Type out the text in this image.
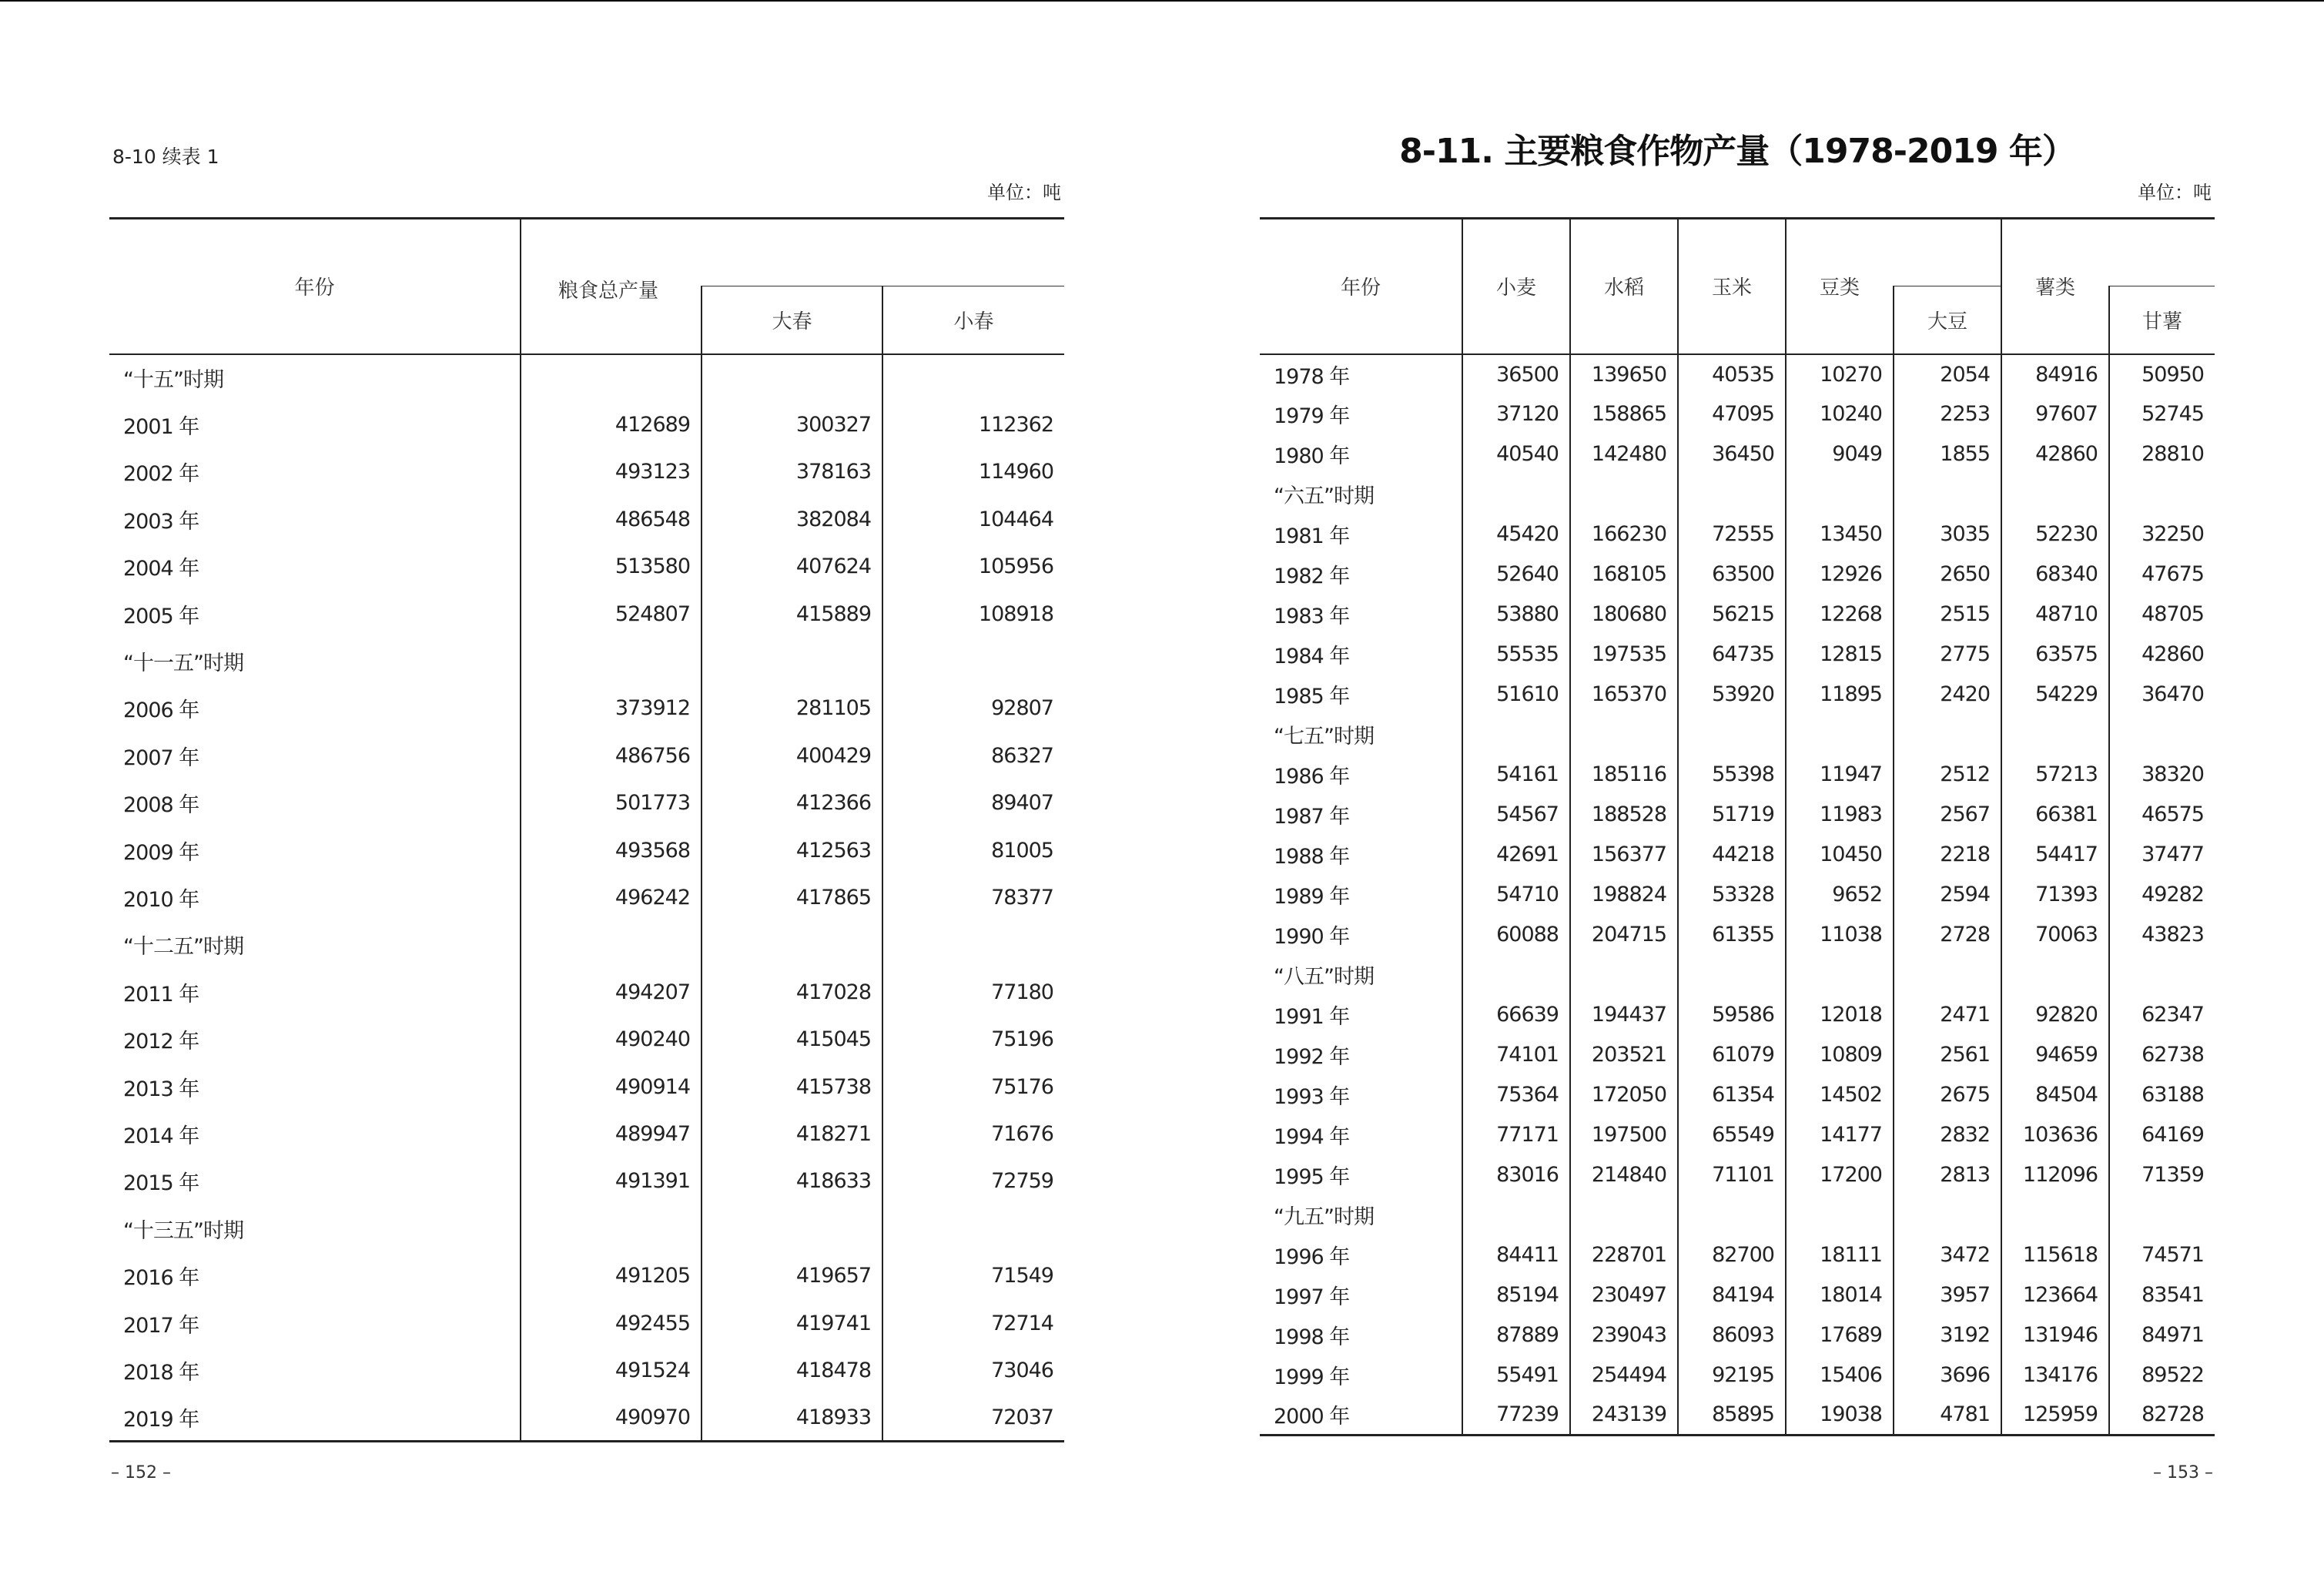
8-10 续表 1
单位：吨
年份	粮食总产量		
		大春	小春
“十五”时期			
2001 年	412689	300327	112362
2002 年	493123	378163	114960
2003 年	486548	382084	104464
2004 年	513580	407624	105956
2005 年	524807	415889	108918
“十一五”时期			
2006 年	373912	281105	92807
2007 年	486756	400429	86327
2008 年	501773	412366	89407
2009 年	493568	412563	81005
2010 年	496242	417865	78377
“十二五”时期			
2011 年	494207	417028	77180
2012 年	490240	415045	75196
2013 年	490914	415738	75176
2014 年	489947	418271	71676
2015 年	491391	418633	72759
“十三五”时期			
2016 年	491205	419657	71549
2017 年	492455	419741	72714
2018 年	491524	418478	73046
2019 年	490970	418933	72037
– 152 –
8-11. 主要粮食作物产量（1978-2019 年）
单位：吨
年份	小麦	水稻	玉米	豆类		薯类	
					大豆		甘薯
1978 年	36500	139650	40535	10270	2054	84916	50950
1979 年	37120	158865	47095	10240	2253	97607	52745
1980 年	40540	142480	36450	9049	1855	42860	28810
“六五”时期							
1981 年	45420	166230	72555	13450	3035	52230	32250
1982 年	52640	168105	63500	12926	2650	68340	47675
1983 年	53880	180680	56215	12268	2515	48710	48705
1984 年	55535	197535	64735	12815	2775	63575	42860
1985 年	51610	165370	53920	11895	2420	54229	36470
“七五”时期							
1986 年	54161	185116	55398	11947	2512	57213	38320
1987 年	54567	188528	51719	11983	2567	66381	46575
1988 年	42691	156377	44218	10450	2218	54417	37477
1989 年	54710	198824	53328	9652	2594	71393	49282
1990 年	60088	204715	61355	11038	2728	70063	43823
“八五”时期							
1991 年	66639	194437	59586	12018	2471	92820	62347
1992 年	74101	203521	61079	10809	2561	94659	62738
1993 年	75364	172050	61354	14502	2675	84504	63188
1994 年	77171	197500	65549	14177	2832	103636	64169
1995 年	83016	214840	71101	17200	2813	112096	71359
“九五”时期							
1996 年	84411	228701	82700	18111	3472	115618	74571
1997 年	85194	230497	84194	18014	3957	123664	83541
1998 年	87889	239043	86093	17689	3192	131946	84971
1999 年	55491	254494	92195	15406	3696	134176	89522
2000 年	77239	243139	85895	19038	4781	125959	82728
– 153 –
